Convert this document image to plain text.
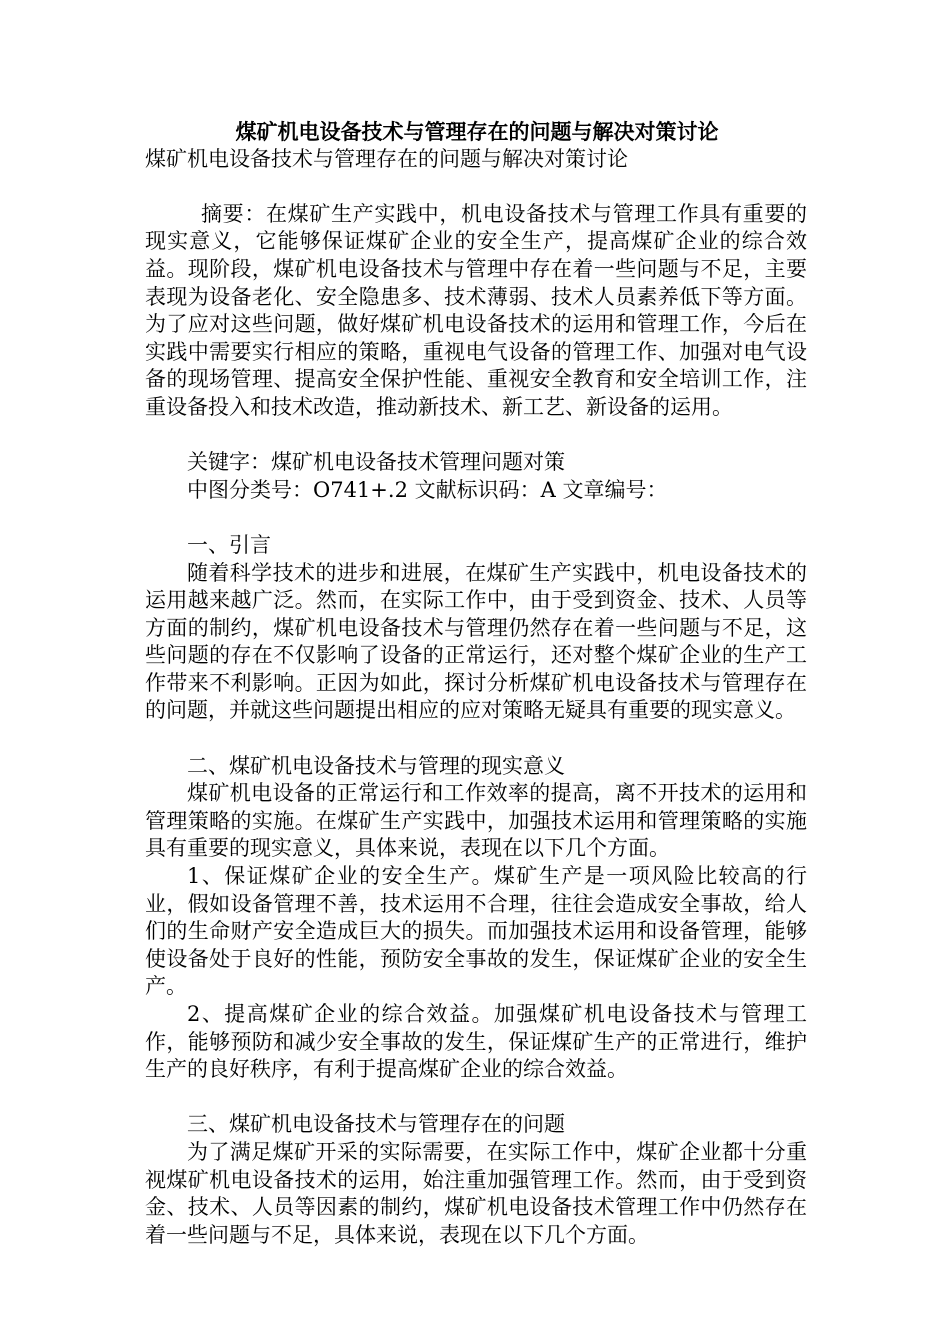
煤矿机电设备技术与管理存在的问题与解决对策讨论

煤矿机电设备技术与管理存在的问题与解决对策讨论

摘要：在煤矿生产实践中，机电设备技术与管理工作具有重要的现实意义，它能够保证煤矿企业的安全生产，提高煤矿企业的综合效益。现阶段，煤矿机电设备技术与管理中存在着一些问题与不足，主要表现为设备老化、安全隐患多、技术薄弱、技术人员素养低下等方面。为了应对这些问题，做好煤矿机电设备技术的运用和管理工作，今后在实践中需要实行相应的策略，重视电气设备的管理工作、加强对电气设备的现场管理、提高安全保护性能、重视安全教育和安全培训工作，注重设备投入和技术改造，推动新技术、新工艺、新设备的运用。

关键字：煤矿机电设备技术管理问题对策

中图分类号：O741+.2 文献标识码：A 文章编号：

一、引言

随着科学技术的进步和进展，在煤矿生产实践中，机电设备技术的运用越来越广泛。然而，在实际工作中，由于受到资金、技术、人员等方面的制约，煤矿机电设备技术与管理仍然存在着一些问题与不足，这些问题的存在不仅影响了设备的正常运行，还对整个煤矿企业的生产工作带来不利影响。正因为如此，探讨分析煤矿机电设备技术与管理存在的问题，并就这些问题提出相应的应对策略无疑具有重要的现实意义。

二、煤矿机电设备技术与管理的现实意义

煤矿机电设备的正常运行和工作效率的提高，离不开技术的运用和管理策略的实施。在煤矿生产实践中，加强技术运用和管理策略的实施具有重要的现实意义，具体来说，表现在以下几个方面。

1、保证煤矿企业的安全生产。煤矿生产是一项风险比较高的行业，假如设备管理不善，技术运用不合理，往往会造成安全事故，给人们的生命财产安全造成巨大的损失。而加强技术运用和设备管理，能够使设备处于良好的性能，预防安全事故的发生，保证煤矿企业的安全生产。

2、提高煤矿企业的综合效益。加强煤矿机电设备技术与管理工作，能够预防和减少安全事故的发生，保证煤矿生产的正常进行，维护生产的良好秩序，有利于提高煤矿企业的综合效益。

三、煤矿机电设备技术与管理存在的问题

为了满足煤矿开采的实际需要，在实际工作中，煤矿企业都十分重视煤矿机电设备技术的运用，始注重加强管理工作。然而，由于受到资金、技术、人员等因素的制约，煤矿机电设备技术管理工作中仍然存在着一些问题与不足，具体来说，表现在以下几个方面。
